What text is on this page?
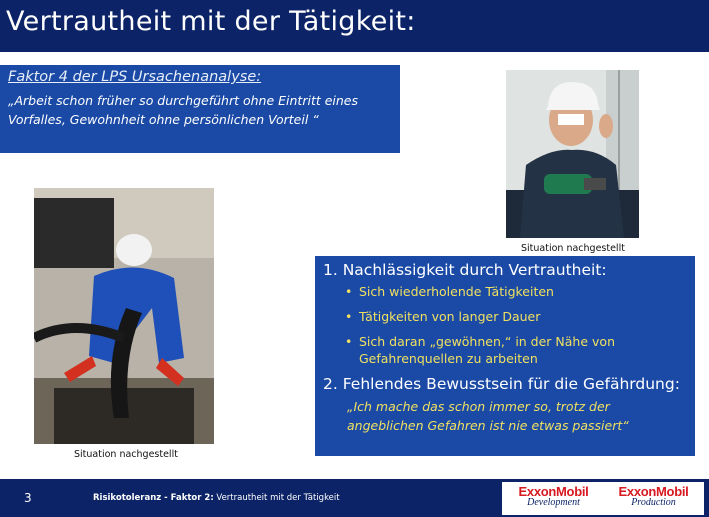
Vertrautheit mit der Tätigkeit:
Faktor 4 der LPS Ursachenanalyse:
„Arbeit schon früher so durchgeführt ohne Eintritt eines Vorfalles, Gewohnheit ohne persönlichen Vorteil “
Situation nachgestellt
Situation nachgestellt
1. Nachlässigkeit durch Vertrautheit:
• Sich wiederholende Tätigkeiten
• Tätigkeiten von langer Dauer
• Sich daran „gewöhnen,“ in der Nähe von Gefahrenquellen zu arbeiten
2. Fehlendes Bewusstsein für die Gefährdung:
„Ich mache das schon immer so, trotz der angeblichen Gefahren ist nie etwas passiert“
3	Risikotoleranz - Faktor 2: Vertrautheit mit der Tätigkeit	ExxonMobil
Development
ExxonMobil
Production
